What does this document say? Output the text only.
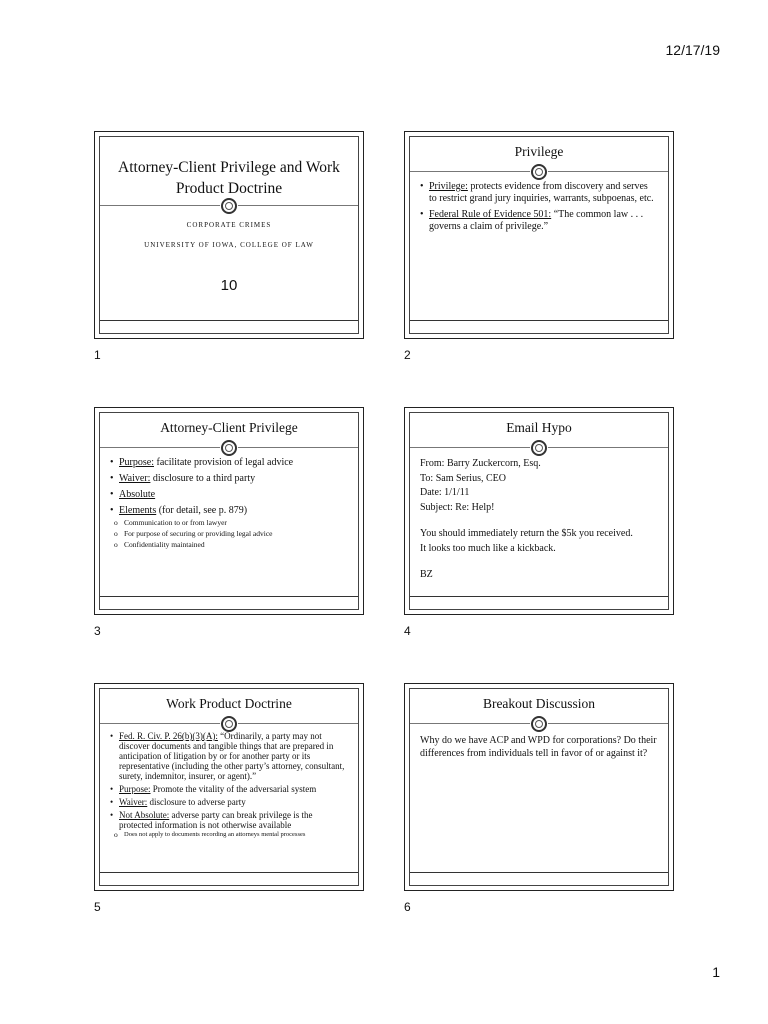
12/17/19
Attorney-Client Privilege and Work Product Doctrine
CORPORATE CRIMES
UNIVERSITY OF IOWA, COLLEGE OF LAW
10
1
Privilege
• Privilege: protects evidence from discovery and serves to restrict grand jury inquiries, warrants, subpoenas, etc.
• Federal Rule of Evidence 501: “The common law . . . governs a claim of privilege.”
2
Attorney-Client Privilege
• Purpose: facilitate provision of legal advice
• Waiver: disclosure to a third party
• Absolute
• Elements (for detail, see p. 879)
o Communication to or from lawyer
o For purpose of securing or providing legal advice
o Confidentiality maintained
3
Email Hypo

From: Barry Zuckercorn, Esq.

To: Sam Serius, CEO

Date: 1/1/11

Subject: Re: Help!

You should immediately return the $5k you received.

It looks too much like a kickback.

BZ

4
Work Product Doctrine
• Fed. R. Civ. P. 26(b)(3)(A): “Ordinarily, a party may not discover documents and tangible things that are prepared in anticipation of litigation by or for another party or its representative (including the other party’s attorney, consultant, surety, indemnitor, insurer, or agent).”
• Purpose: Promote the vitality of the adversarial system
• Waiver: disclosure to adverse party
• Not Absolute: adverse party can break privilege is the protected information is not otherwise available
o Does not apply to documents recording an attorneys mental processes
5
Breakout Discussion

Why do we have ACP and WPD for corporations? Do their differences from individuals tell in favor of or against it?

6
1
